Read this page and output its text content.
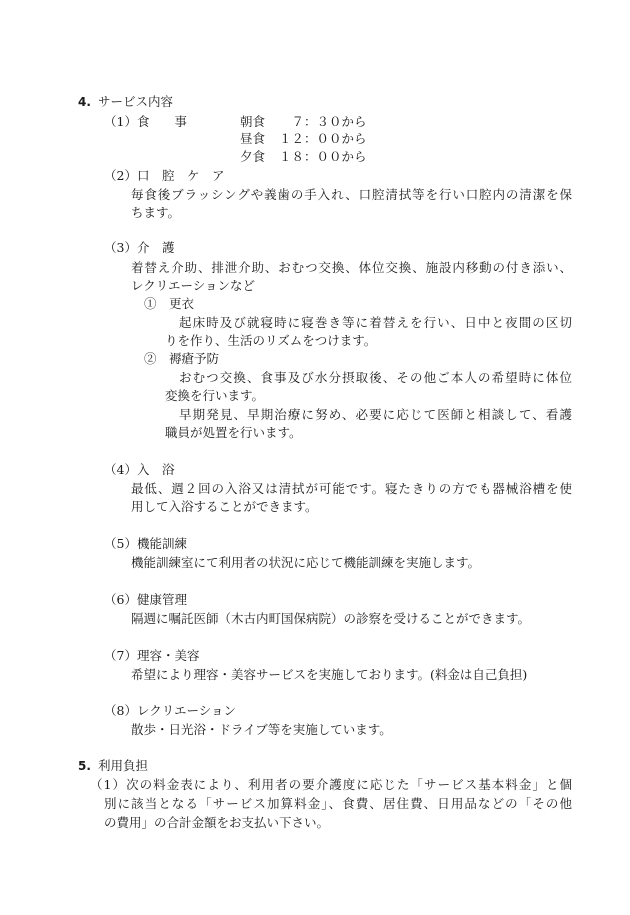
4. サービス内容
（1）食　　事	朝食 　７：３０から
昼食 １２：００から
夕食 １８：００から
（2）口　腔　ケ　ア
毎食後ブラッシングや義歯の手入れ、口腔清拭等を行い口腔内の清潔を保
ちます。
（3）介　護
着替え介助、排泄介助、おむつ交換、体位交換、施設内移動の付き添い、
レクリエーションなど
①　更衣
起床時及び就寝時に寝巻き等に着替えを行い、日中と夜間の区切
りを作り、生活のリズムをつけます。
②　褥瘡予防
おむつ交換、食事及び水分摂取後、その他ご本人の希望時に体位
変換を行います。
早期発見、早期治療に努め、必要に応じて医師と相談して、看護
職員が処置を行います。
（4）入　浴
最低、週２回の入浴又は清拭が可能です。寝たきりの方でも器械浴槽を使
用して入浴することができます。
（5）機能訓練
機能訓練室にて利用者の状況に応じて機能訓練を実施します。
（6）健康管理
隔週に嘱託医師（木古内町国保病院）の診察を受けることができます。
（7）理容・美容
希望により理容・美容サービスを実施しております。(料金は自己負担)
（8）レクリエーション
散歩・日光浴・ドライブ等を実施しています。
5. 利用負担
（1）次の料金表により、利用者の要介護度に応じた「サービス基本料金」と個
別に該当となる「サービス加算料金」、食費、居住費、日用品などの「その他
の費用」の合計金額をお支払い下さい。
